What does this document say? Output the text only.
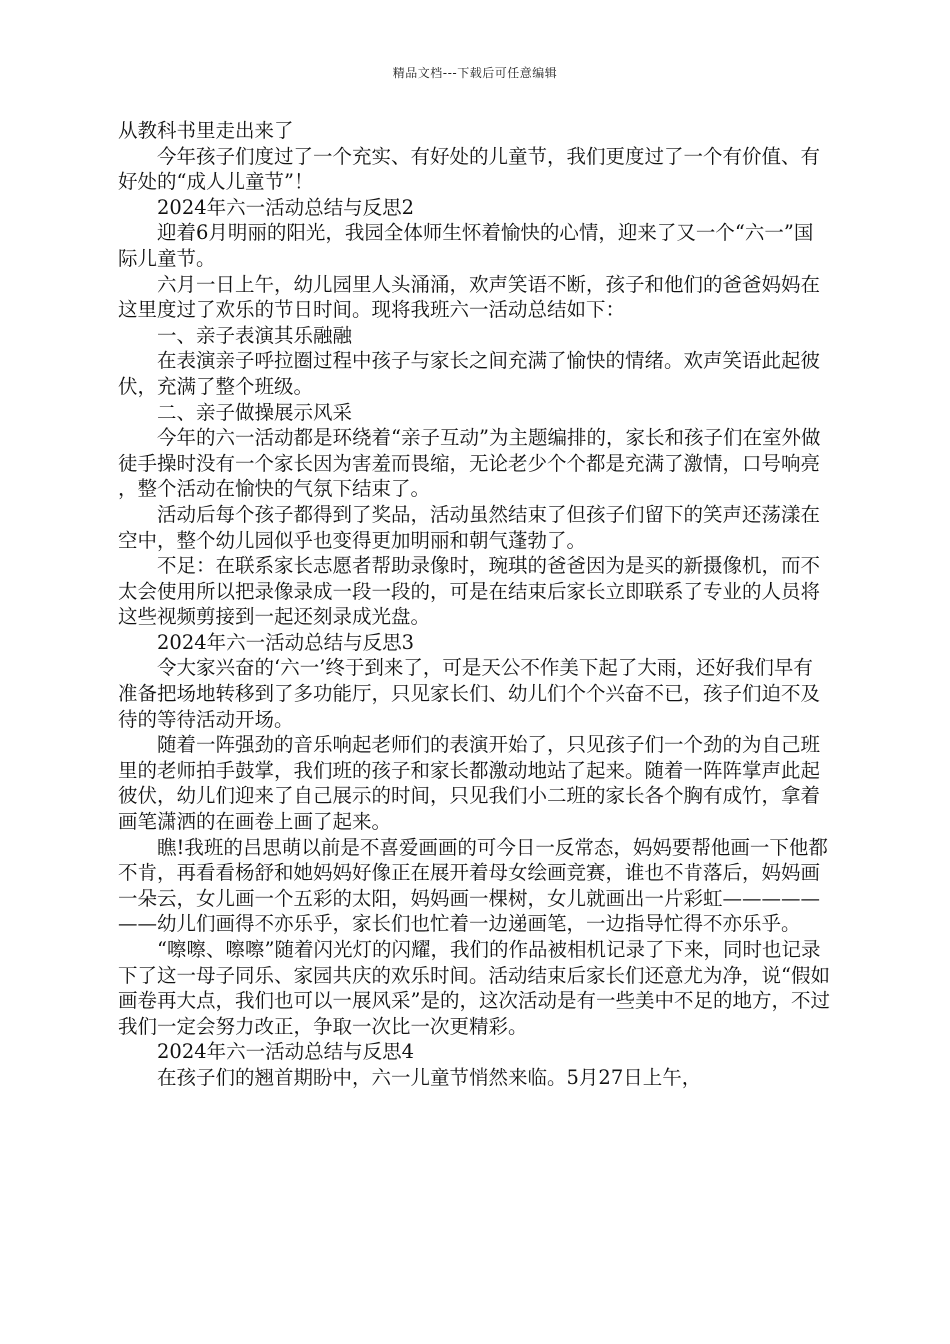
精品文档---下载后可任意编辑

从教科书里走出来了

今年孩子们度过了一个充实、有好处的儿童节，我们更度过了一个有价值、有好处的“成人儿童节”！

2024年六一活动总结与反思2

迎着6月明丽的阳光，我园全体师生怀着愉快的心情，迎来了又一个“六一”国际儿童节。

六月一日上午，幼儿园里人头涌涌，欢声笑语不断，孩子和他们的爸爸妈妈在这里度过了欢乐的节日时间。现将我班六一活动总结如下：

一、亲子表演其乐融融

在表演亲子呼拉圈过程中孩子与家长之间充满了愉快的情绪。欢声笑语此起彼伏，充满了整个班级。

二、亲子做操展示风采

今年的六一活动都是环绕着“亲子互动”为主题编排的，家长和孩子们在室外做徒手操时没有一个家长因为害羞而畏缩，无论老少个个都是充满了激情，口号响亮，整个活动在愉快的气氛下结束了。

活动后每个孩子都得到了奖品，活动虽然结束了但孩子们留下的笑声还荡漾在空中，整个幼儿园似乎也变得更加明丽和朝气蓬勃了。

不足：在联系家长志愿者帮助录像时，琬琪的爸爸因为是买的新摄像机，而不太会使用所以把录像录成一段一段的，可是在结束后家长立即联系了专业的人员将这些视频剪接到一起还刻录成光盘。

2024年六一活动总结与反思3

令大家兴奋的‘六一’终于到来了，可是天公不作美下起了大雨，还好我们早有准备把场地转移到了多功能厅，只见家长们、幼儿们个个兴奋不已，孩子们迫不及待的等待活动开场。

随着一阵强劲的音乐响起老师们的表演开始了，只见孩子们一个劲的为自己班里的老师拍手鼓掌，我们班的孩子和家长都激动地站了起来。随着一阵阵掌声此起彼伏，幼儿们迎来了自己展示的时间，只见我们小二班的家长各个胸有成竹，拿着画笔潇洒的在画卷上画了起来。

瞧!我班的吕思萌以前是不喜爱画画的可今日一反常态，妈妈要帮他画一下他都不肯，再看看杨舒和她妈妈好像正在展开着母女绘画竞赛，谁也不肯落后，妈妈画一朵云，女儿画一个五彩的太阳，妈妈画一棵树，女儿就画出一片彩虹———————幼儿们画得不亦乐乎，家长们也忙着一边递画笔，一边指导忙得不亦乐乎。

“嚓嚓、嚓嚓”随着闪光灯的闪耀，我们的作品被相机记录了下来，同时也记录下了这一母子同乐、家园共庆的欢乐时间。活动结束后家长们还意尤为净，说“假如画卷再大点，我们也可以一展风采”是的，这次活动是有一些美中不足的地方，不过我们一定会努力改正，争取一次比一次更精彩。

2024年六一活动总结与反思4

在孩子们的翘首期盼中，六一儿童节悄然来临。5月27日上午，
